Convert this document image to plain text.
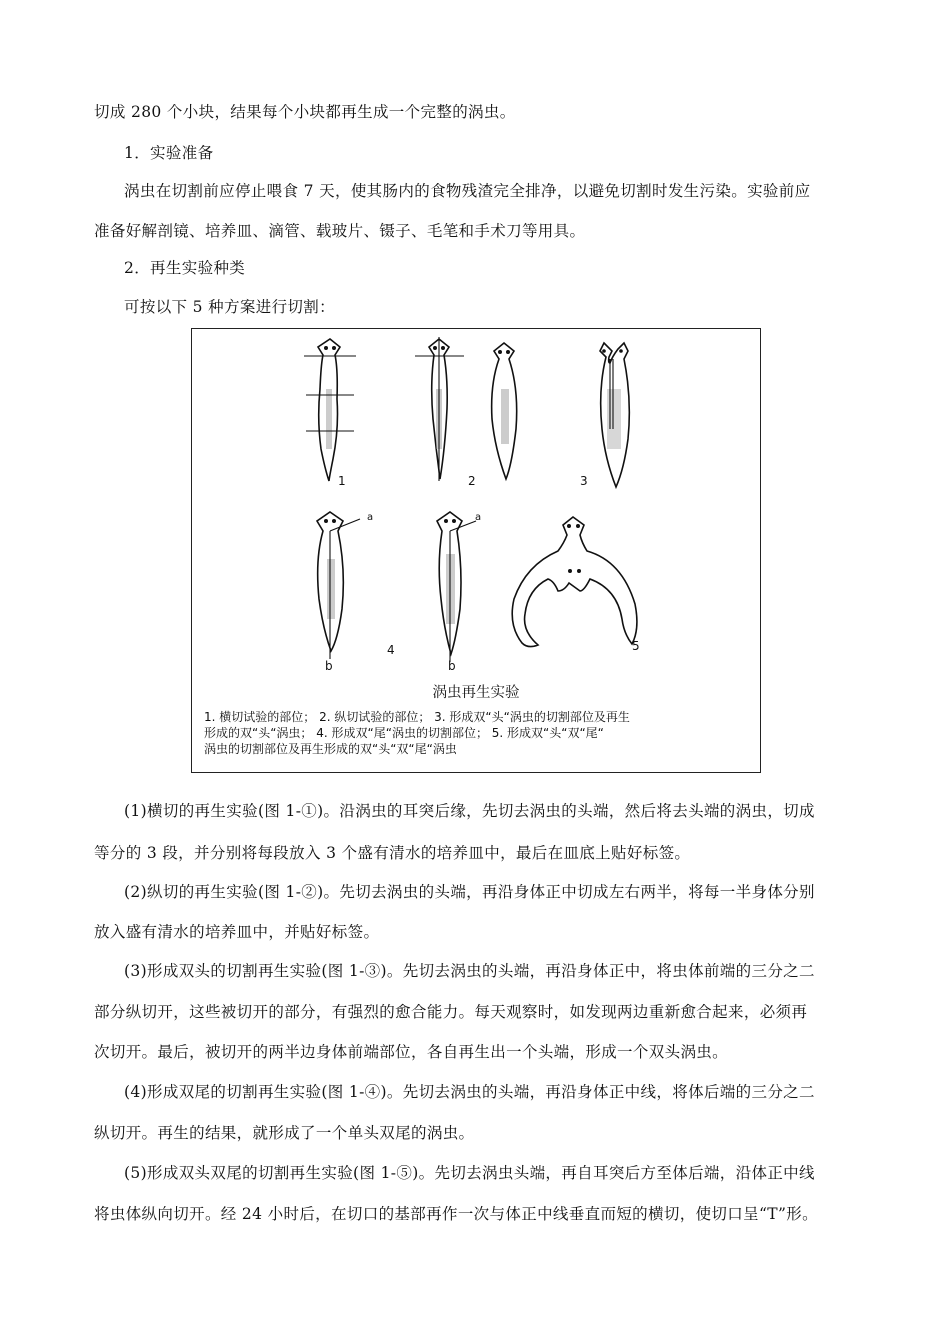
切成 280 个小块，结果每个小块都再生成一个完整的涡虫。
1．实验准备
涡虫在切割前应停止喂食 7 天，使其肠内的食物残渣完全排净，以避免切割时发生污染。实验前应
准备好解剖镜、培养皿、滴管、载玻片、镊子、毛笔和手术刀等用具。
2．再生实验种类
可按以下 5 种方案进行切割：
1	2	3
4	5
a	a
b	b
涡虫再生实验
1. 横切试验的部位； 2. 纵切试验的部位； 3. 形成双“头“涡虫的切割部位及再生
形成的双“头“涡虫； 4. 形成双“尾“涡虫的切割部位； 5. 形成双“头“双“尾“
涡虫的切割部位及再生形成的双“头“双“尾“涡虫
(1)横切的再生实验(图 1-①)。沿涡虫的耳突后缘，先切去涡虫的头端，然后将去头端的涡虫，切成
等分的 3 段，并分别将每段放入 3 个盛有清水的培养皿中，最后在皿底上贴好标签。
(2)纵切的再生实验(图 1-②)。先切去涡虫的头端，再沿身体正中切成左右两半，将每一半身体分别
放入盛有清水的培养皿中，并贴好标签。
(3)形成双头的切割再生实验(图 1-③)。先切去涡虫的头端，再沿身体正中，将虫体前端的三分之二
部分纵切开，这些被切开的部分，有强烈的愈合能力。每天观察时，如发现两边重新愈合起来，必须再
次切开。最后，被切开的两半边身体前端部位，各自再生出一个头端，形成一个双头涡虫。
(4)形成双尾的切割再生实验(图 1-④)。先切去涡虫的头端，再沿身体正中线，将体后端的三分之二
纵切开。再生的结果，就形成了一个单头双尾的涡虫。
(5)形成双头双尾的切割再生实验(图 1-⑤)。先切去涡虫头端，再自耳突后方至体后端，沿体正中线
将虫体纵向切开。经 24 小时后，在切口的基部再作一次与体正中线垂直而短的横切，使切口呈“T”形。
